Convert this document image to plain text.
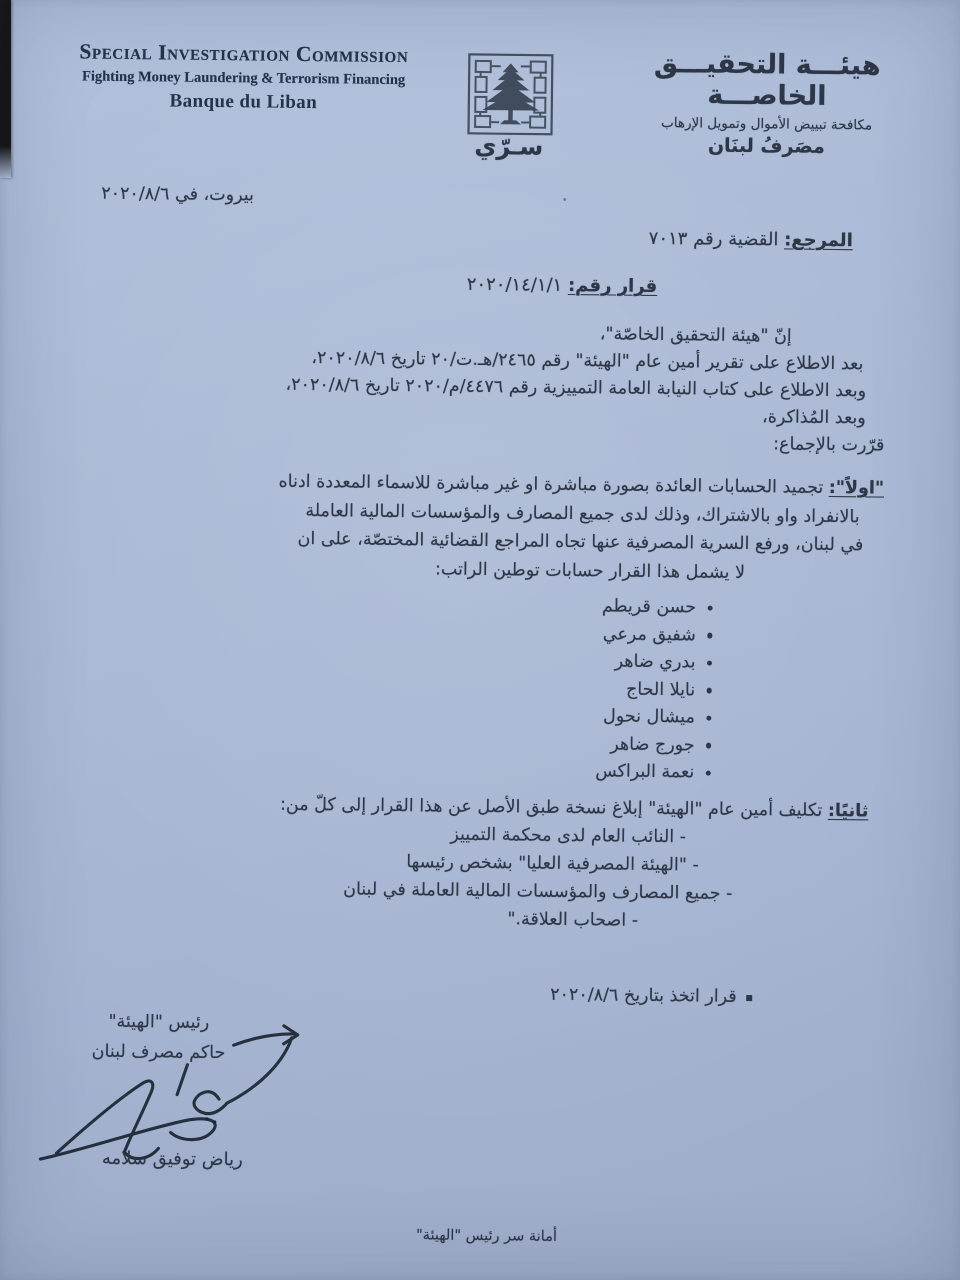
Special Investigation Commission
Fighting Money Laundering & Terrorism Financing
Banque du Liban
هيئـــة التحقيـــق الخاصـــة
مكافحة تبييض الأموال وتمويل الإرهاب
مصَرفُ لبنَان
سـرّي
بيروت، في ٢٠٢٠/٨/٦
المرجع: القضية رقم ٧٠١٣
قرار رقم: ٢٠٢٠/١٤/١/١
إنّ "هيئة التحقيق الخاصّة"،
بعد الاطلاع على تقرير أمين عام "الهيئة" رقم ٢٤٦٥/هـ.ت/٢٠ تاريخ ٢٠٢٠/٨/٦،
وبعد الاطلاع على كتاب النيابة العامة التمييزية رقم ٤٤٧٦/م/٢٠٢٠ تاريخ ٢٠٢٠/٨/٦،
وبعد المُذاكرة،
قرّرت بالإجماع:
"اولاً": تجميد الحسابات العائدة بصورة مباشرة او غير مباشرة للاسماء المعددة ادناه
بالانفراد واو بالاشتراك، وذلك لدى جميع المصارف والمؤسسات المالية العاملة
في لبنان، ورفع السرية المصرفية عنها تجاه المراجع القضائية المختصّة، على ان
لا يشمل هذا القرار حسابات توطين الراتب:
حسن قريطم
شفيق مرعي
بدري ضاهر
نايلا الحاج
ميشال نحول
جورج ضاهر
نعمة البراكس
ثانيًا: تكليف أمين عام "الهيئة" إبلاغ نسخة طبق الأصل عن هذا القرار إلى كلّ من:
- النائب العام لدى محكمة التمييز
- "الهيئة المصرفية العليا" بشخص رئيسها
- جميع المصارف والمؤسسات المالية العاملة في لبنان
- اصحاب العلاقة."
قرار اتخذ بتاريخ ٢٠٢٠/٨/٦
رئيس "الهيئة"
حاكم مصرف لبنان
رياض توفيق سلامه
أمانة سر رئيس "الهيئة"
